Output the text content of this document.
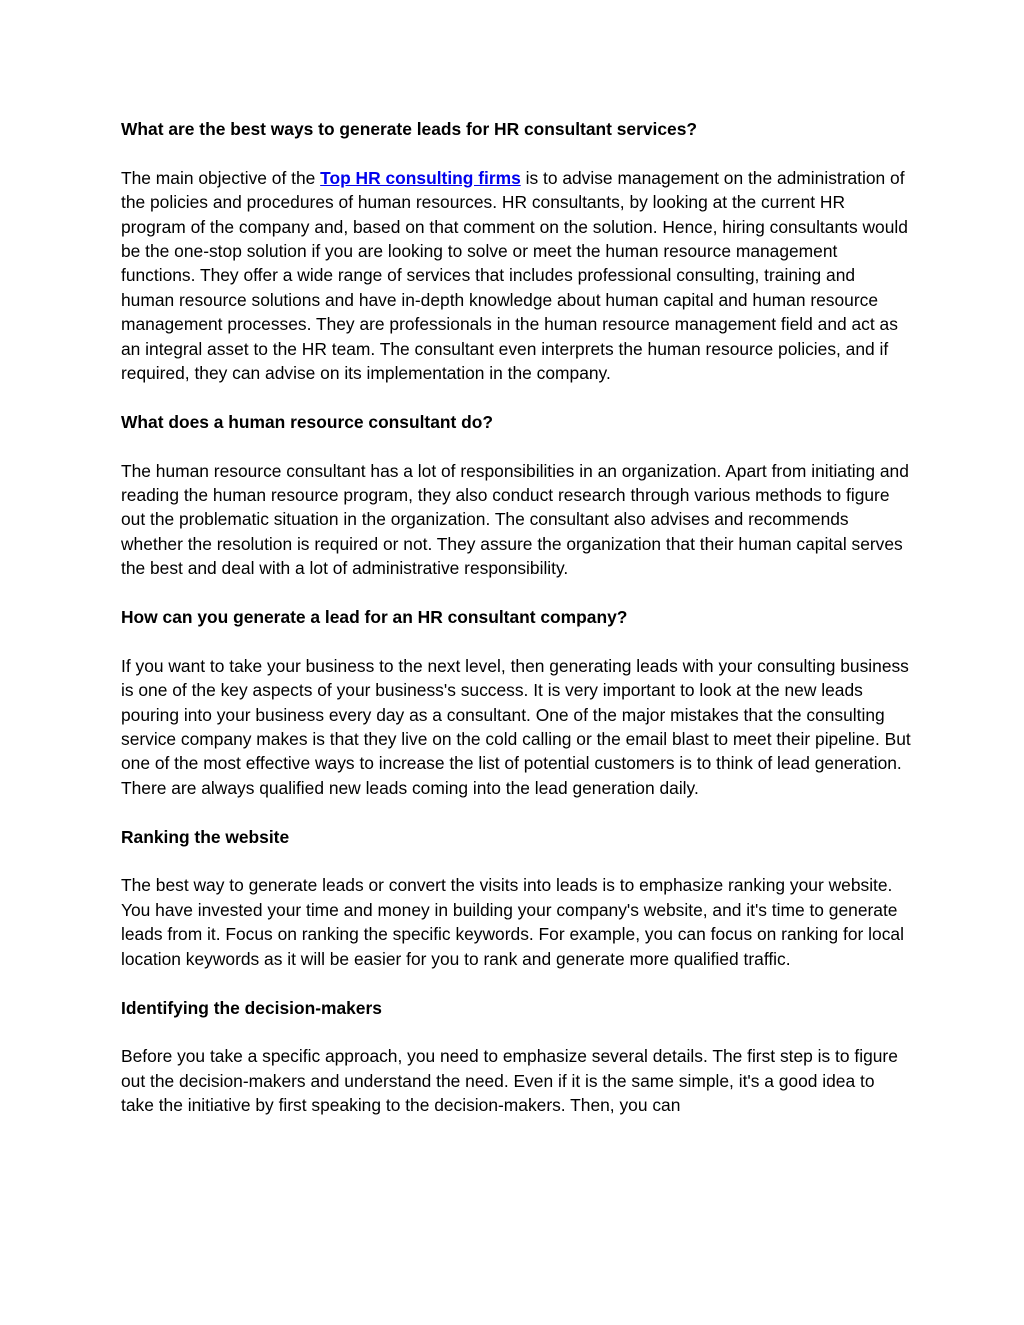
What are the best ways to generate leads for HR consultant services?
The main objective of the Top HR consulting firms is to advise management on the administration of the policies and procedures of human resources. HR consultants, by looking at the current HR program of the company and, based on that comment on the solution. Hence, hiring consultants would be the one-stop solution if you are looking to solve or meet the human resource management functions. They offer a wide range of services that includes professional consulting, training and human resource solutions and have in-depth knowledge about human capital and human resource management processes. They are professionals in the human resource management field and act as an integral asset to the HR team. The consultant even interprets the human resource policies, and if required, they can advise on its implementation in the company.
What does a human resource consultant do?
The human resource consultant has a lot of responsibilities in an organization. Apart from initiating and reading the human resource program, they also conduct research through various methods to figure out the problematic situation in the organization. The consultant also advises and recommends whether the resolution is required or not. They assure the organization that their human capital serves the best and deal with a lot of administrative responsibility.
How can you generate a lead for an HR consultant company?
If you want to take your business to the next level, then generating leads with your consulting business is one of the key aspects of your business's success. It is very important to look at the new leads pouring into your business every day as a consultant. One of the major mistakes that the consulting service company makes is that they live on the cold calling or the email blast to meet their pipeline. But one of the most effective ways to increase the list of potential customers is to think of lead generation. There are always qualified new leads coming into the lead generation daily.
Ranking the website
The best way to generate leads or convert the visits into leads is to emphasize ranking your website. You have invested your time and money in building your company's website, and it's time to generate leads from it. Focus on ranking the specific keywords. For example, you can focus on ranking for local location keywords as it will be easier for you to rank and generate more qualified traffic.
Identifying the decision-makers
Before you take a specific approach, you need to emphasize several details. The first step is to figure out the decision-makers and understand the need. Even if it is the same simple, it's a good idea to take the initiative by first speaking to the decision-makers. Then, you can
